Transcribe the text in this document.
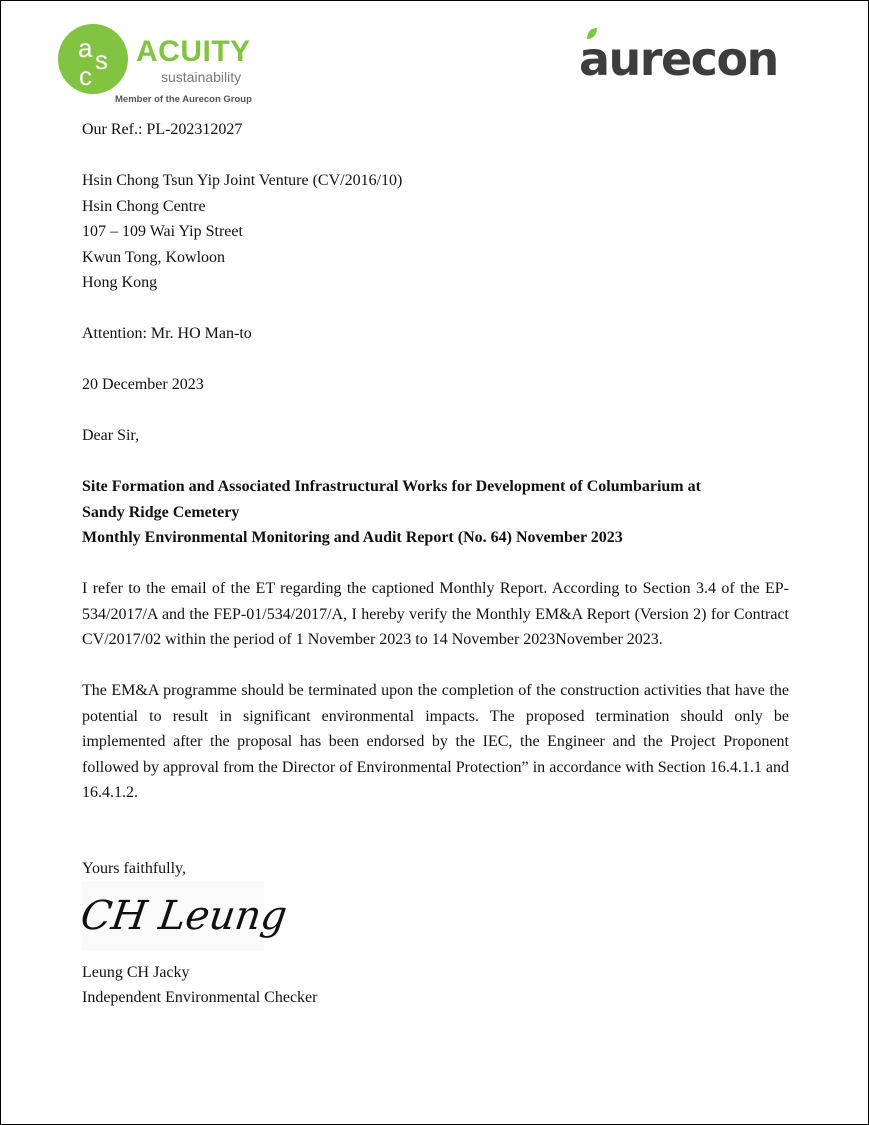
a s
c
ACUITY
sustainability
Member of the Aurecon Group
aurecon
Our Ref.: PL-202312027
Hsin Chong Tsun Yip Joint Venture (CV/2016/10)
Hsin Chong Centre
107 – 109 Wai Yip Street
Kwun Tong, Kowloon
Hong Kong
Attention: Mr. HO Man-to
20 December 2023
Dear Sir,
Site Formation and Associated Infrastructural Works for Development of Columbarium at
Sandy Ridge Cemetery
Monthly Environmental Monitoring and Audit Report (No. 64) November 2023
I refer to the email of the ET regarding the captioned Monthly Report. According to Section 3.4 of the EP-534/2017/A and the FEP-01/534/2017/A, I hereby verify the Monthly EM&A Report (Version 2) for Contract CV/2017/02 within the period of 1 November 2023 to 14 November 2023November 2023.
The EM&A programme should be terminated upon the completion of the construction activities that have the potential to result in significant environmental impacts. The proposed termination should only be implemented after the proposal has been endorsed by the IEC, the Engineer and the Project Proponent followed by approval from the Director of Environmental Protection” in accordance with Section 16.4.1.1 and 16.4.1.2.
Yours faithfully,
CH Leung
Leung CH Jacky
Independent Environmental Checker
